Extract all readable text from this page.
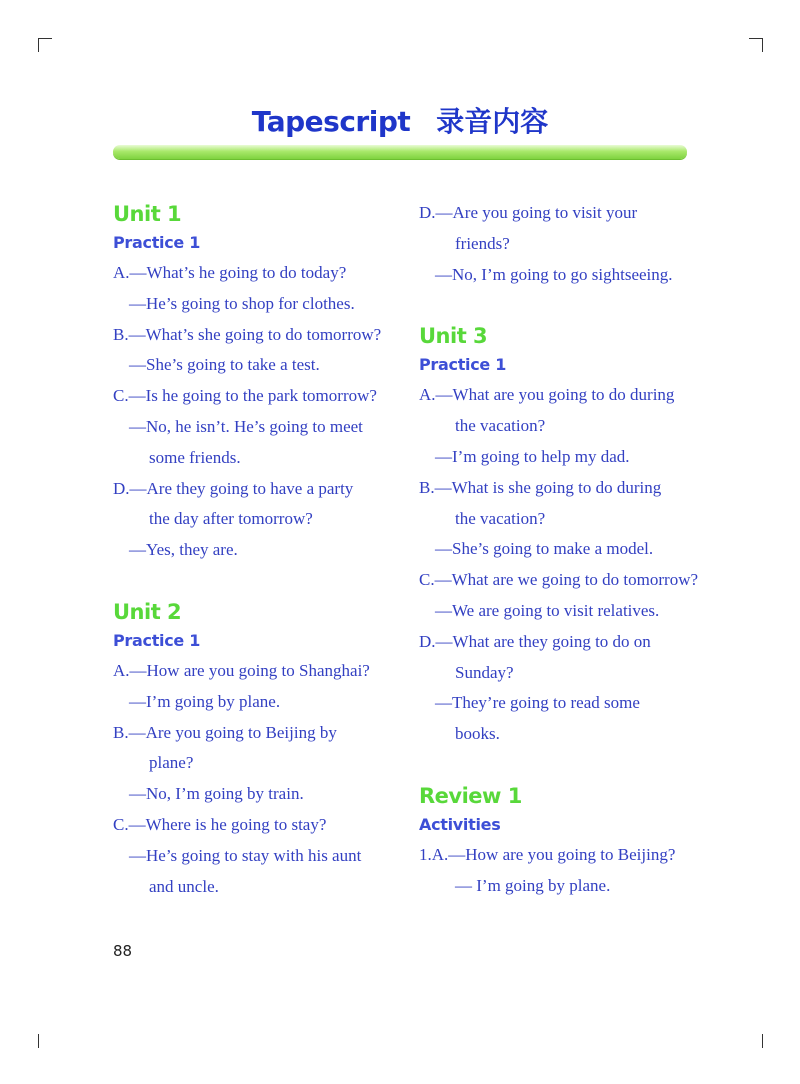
Tapescript 录音内容
Unit 1
Practice 1
A.—What’s he going to do today?
—He’s going to shop for clothes.
B.—What’s she going to do tomorrow?
—She’s going to take a test.
C.—Is he going to the park tomorrow?
—No, he isn’t. He’s going to meet
some friends.
D.—Are they going to have a party
the day after tomorrow?
—Yes, they are.
Unit 2
Practice 1
A.—How are you going to Shanghai?
—I’m going by plane.
B.—Are you going to Beijing by
plane?
—No, I’m going by train.
C.—Where is he going to stay?
—He’s going to stay with his aunt
and uncle.
D.—Are you going to visit your
friends?
—No, I’m going to go sightseeing.
Unit 3
Practice 1
A.—What are you going to do during
the vacation?
—I’m going to help my dad.
B.—What is she going to do during
the vacation?
—She’s going to make a model.
C.—What are we going to do tomorrow?
—We are going to visit relatives.
D.—What are they going to do on
Sunday?
—They’re going to read some
books.
Review 1
Activities
1.A.—How are you going to Beijing?
— I’m going by plane.
88
